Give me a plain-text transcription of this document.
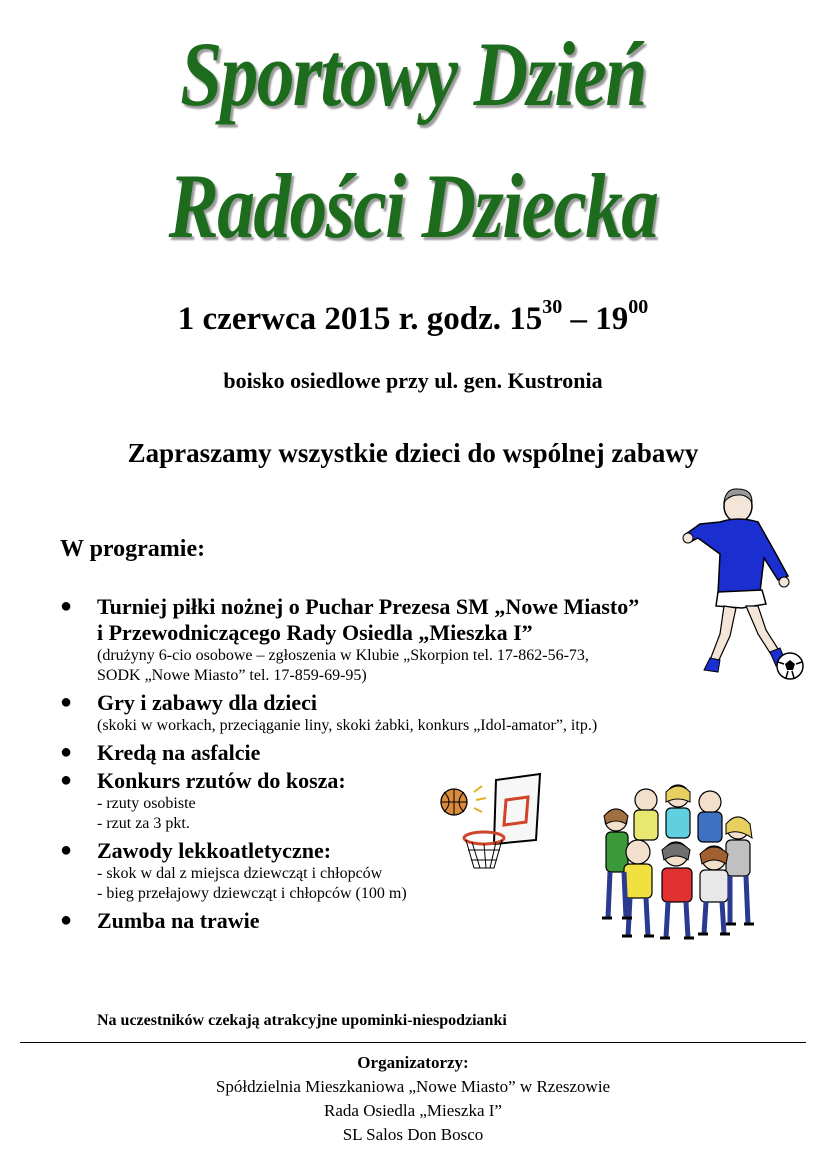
Sportowy Dzień
Radości Dziecka
1 czerwca 2015 r. godz. $15^{30} - 19^{00}$
boisko osiedlowe przy ul. gen. Kustronia
Zapraszamy wszystkie dzieci do wspólnej zabawy
W programie:
● Turniej piłki nożnej o Puchar Prezesa SM „Nowe Miasto”
i Przewodniczącego Rady Osiedla „Mieszka I”
(drużyny 6-cio osobowe – zgłoszenia w Klubie „Skorpion tel. 17-862-56-73,
SODK „Nowe Miasto” tel. 17-859-69-95)
● Gry i zabawy dla dzieci
(skoki w workach, przeciąganie liny, skoki żabki, konkurs „Idol-amator”, itp.)
● Kredą na asfalcie
● Konkurs rzutów do kosza:
- rzuty osobiste
- rzut za 3 pkt.
● Zawody lekkoatletyczne:
- skok w dal z miejsca dziewcząt i chłopców
- bieg przełajowy dziewcząt i chłopców (100 m)
● Zumba na trawie
Na uczestników czekają atrakcyjne upominki-niespodzianki
Organizatorzy:
Spółdzielnia Mieszkaniowa „Nowe Miasto” w Rzeszowie
Rada Osiedla „Mieszka I”
SL Salos Don Bosco
